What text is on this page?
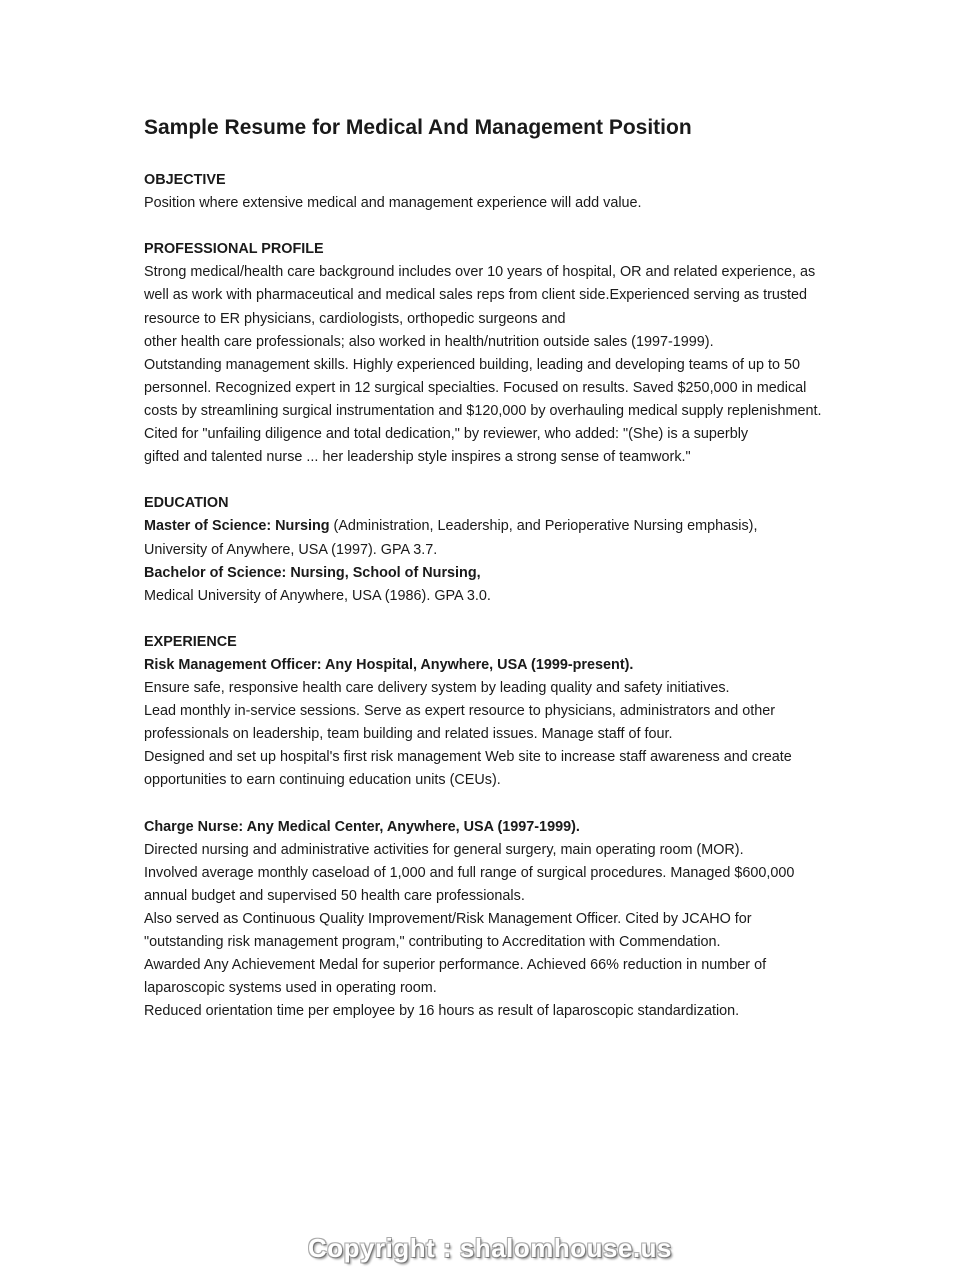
Sample Resume for Medical And Management Position
OBJECTIVE
Position where extensive medical and management experience will add value.
PROFESSIONAL PROFILE
Strong medical/health care background includes over 10 years of hospital, OR and related experience, as
well as work with pharmaceutical and medical sales reps from client side.Experienced serving as trusted
resource to ER physicians, cardiologists, orthopedic surgeons and
other health care professionals; also worked in health/nutrition outside sales (1997-1999).
Outstanding management skills. Highly experienced building, leading and developing teams of up to 50
personnel. Recognized expert in 12 surgical specialties. Focused on results. Saved $250,000 in medical
costs by streamlining surgical instrumentation and $120,000 by overhauling medical supply replenishment.
Cited for "unfailing diligence and total dedication," by reviewer, who added: "(She) is a superbly
gifted and talented nurse ... her leadership style inspires a strong sense of teamwork."
EDUCATION
Master of Science: Nursing (Administration, Leadership, and Perioperative Nursing emphasis),
University of Anywhere, USA (1997). GPA 3.7.
Bachelor of Science: Nursing, School of Nursing,
Medical University of Anywhere, USA (1986). GPA 3.0.
EXPERIENCE
Risk Management Officer: Any Hospital, Anywhere, USA (1999-present).
Ensure safe, responsive health care delivery system by leading quality and safety initiatives.
Lead monthly in-service sessions. Serve as expert resource to physicians, administrators and other
professionals on leadership, team building and related issues. Manage staff of four.
Designed and set up hospital's first risk management Web site to increase staff awareness and create
opportunities to earn continuing education units (CEUs).
Charge Nurse: Any Medical Center, Anywhere, USA (1997-1999).
Directed nursing and administrative activities for general surgery, main operating room (MOR).
Involved average monthly caseload of 1,000 and full range of surgical procedures. Managed $600,000
annual budget and supervised 50 health care professionals.
Also served as Continuous Quality Improvement/Risk Management Officer. Cited by JCAHO for
"outstanding risk management program," contributing to Accreditation with Commendation.
Awarded Any Achievement Medal for superior performance. Achieved 66% reduction in number of
laparoscopic systems used in operating room.
Reduced orientation time per employee by 16 hours as result of laparoscopic standardization.
Copyright : shalomhouse.us
